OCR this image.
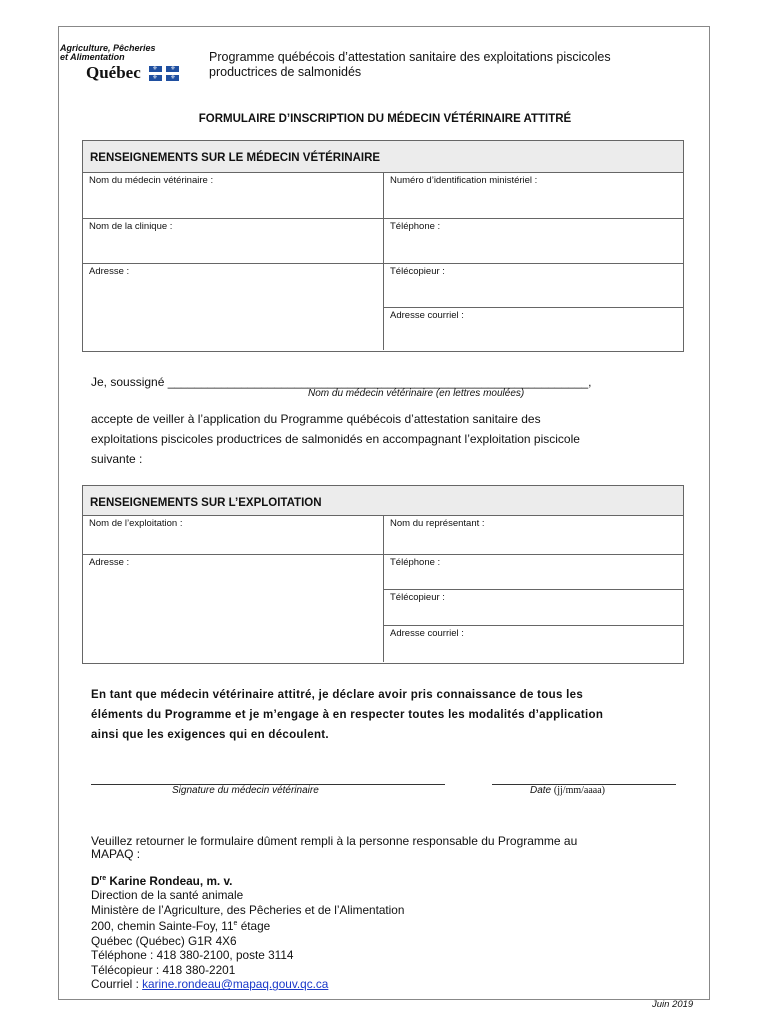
Agriculture, Pêcheries
et Alimentation
Québec ⚜ ⚜
⚜ ⚜
Programme québécois d’attestation sanitaire des exploitations piscicoles
productrices de salmonidés
FORMULAIRE D’INSCRIPTION DU MÉDECIN VÉTÉRINAIRE ATTITRÉ
RENSEIGNEMENTS SUR LE MÉDECIN VÉTÉRINAIRE
Nom du médecin vétérinaire :	Numéro d’identification ministériel :
Nom de la clinique :	Téléphone :
Adresse :	Télécopieur :
Adresse courriel :
Je, soussigné _______________________________________________________________,
Nom du médecin vétérinaire (en lettres moulées)
accepte de veiller à l’application du Programme québécois d’attestation sanitaire des
exploitations piscicoles productrices de salmonidés en accompagnant l’exploitation piscicole
suivante :
RENSEIGNEMENTS SUR L’EXPLOITATION
Nom de l’exploitation :	Nom du représentant :
Adresse :	Téléphone :
Télécopieur :
Adresse courriel :
En tant que médecin vétérinaire attitré, je déclare avoir pris connaissance de tous les
éléments du Programme et je m’engage à en respecter toutes les modalités d’application
ainsi que les exigences qui en découlent.
Signature du médecin vétérinaire	Date (jj/mm/aaaa)
Veuillez retourner le formulaire dûment rempli à la personne responsable du Programme au
MAPAQ :
Dre Karine Rondeau, m. v.
Direction de la santé animale
Ministère de l’Agriculture, des Pêcheries et de l’Alimentation
200, chemin Sainte-Foy, 11e étage
Québec (Québec) G1R 4X6
Téléphone : 418 380-2100, poste 3114
Télécopieur : 418 380-2201
Courriel : karine.rondeau@mapaq.gouv.qc.ca
Juin 2019
